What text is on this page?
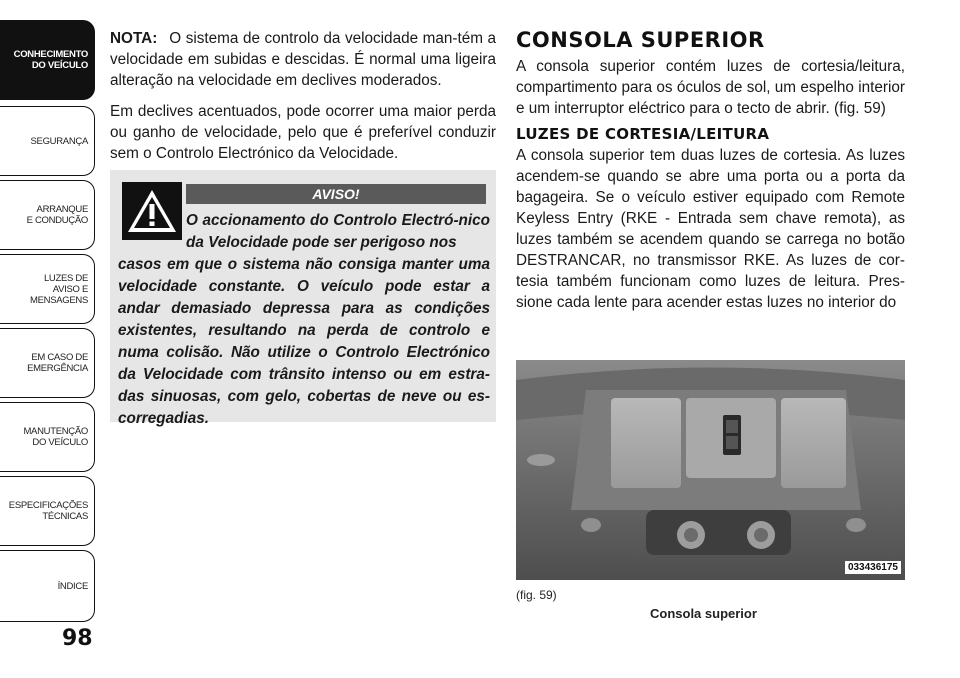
CONHECIMENTO
DO VEÍCULO
SEGURANÇA
ARRANQUE
E CONDUÇÃO
LUZES DE
AVISO E
MENSAGENS
EM CASO DE
EMERGÊNCIA
MANUTENÇÃO
DO VEÍCULO
ESPECIFICAÇÕES
TÉCNICAS
ÍNDICE
98

NOTA: O sistema de controlo da velocidade man-tém a velocidade em subidas e descidas. É normal uma ligeira alteração na velocidade em declives moderados.

Em declives acentuados, pode ocorrer uma maior perda ou ganho de velocidade, pelo que é preferível conduzir sem o Controlo Electrónico da Velocidade.

AVISO!
O accionamento do Controlo Electró-nico da Velocidade pode ser perigoso nos
casos em que o sistema não consiga manter uma velocidade constante. O veículo pode estar a andar demasiado depressa para as condições existentes, resultando na perda de controlo e numa colisão. Não utilize o Controlo Electrónico da Velocidade com trânsito intenso ou em estra-das sinuosas, com gelo, cobertas de neve ou es-corregadias.
CONSOLA SUPERIOR

A consola superior contém luzes de cortesia/leitura, compartimento para os óculos de sol, um espelho interior e um interruptor eléctrico para o tecto de abrir. (fig. 59)

LUZES DE CORTESIA/LEITURA

A consola superior tem duas luzes de cortesia. As luzes acendem-se quando se abre uma porta ou a porta da bagageira. Se o veículo estiver equipado com Remote Keyless Entry (RKE - Entrada sem chave remota), as luzes também se acendem quando se carrega no botão DESTRANCAR, no transmissor RKE. As luzes de cor-tesia também funcionam como luzes de leitura. Pres-sione cada lente para acender estas luzes no interior do

033436175
(fig. 59)
Consola superior
